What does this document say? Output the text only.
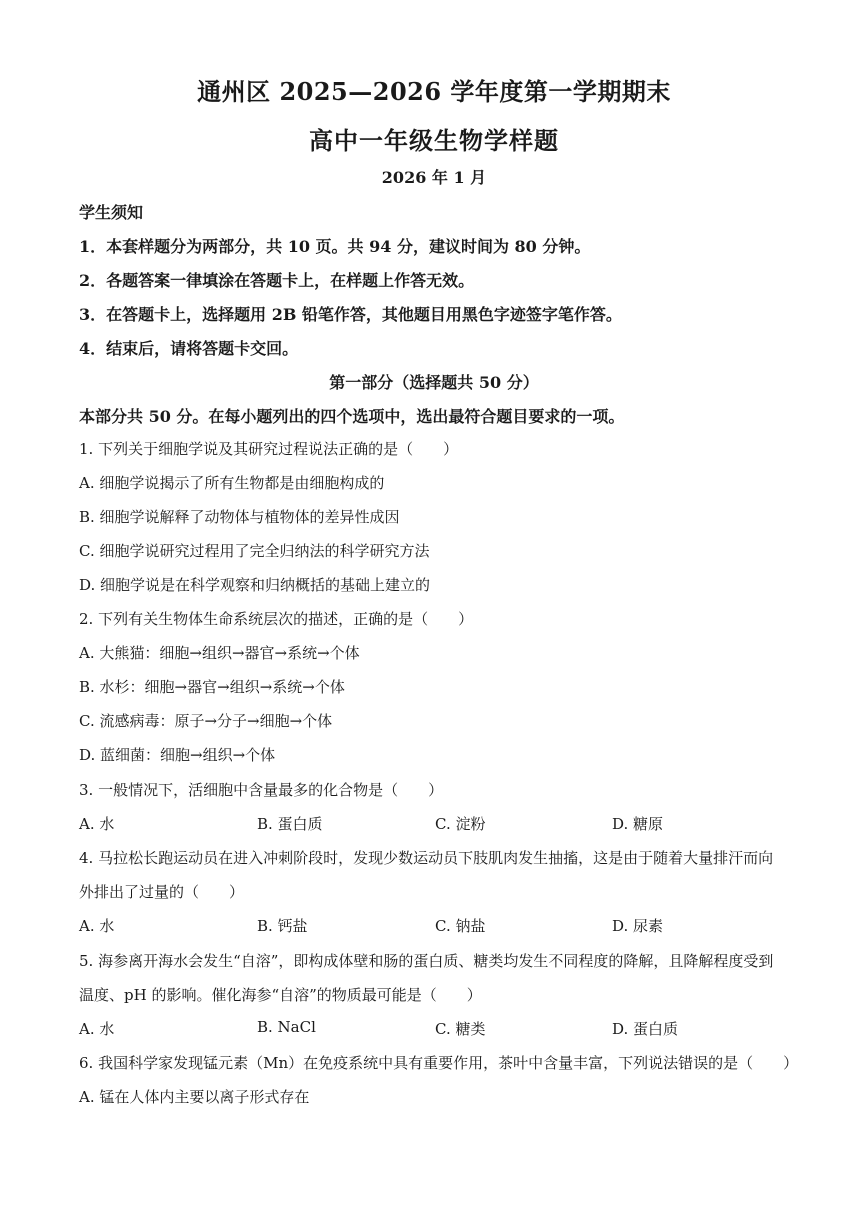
通州区 2025—2026 学年度第一学期期末
高中一年级生物学样题
2026 年 1 月
学生须知
1．本套样题分为两部分，共 10 页。共 94 分，建议时间为 80 分钟。
2．各题答案一律填涂在答题卡上，在样题上作答无效。
3．在答题卡上，选择题用 2B 铅笔作答，其他题目用黑色字迹签字笔作答。
4．结束后，请将答题卡交回。
第一部分（选择题共 50 分）
本部分共 50 分。在每小题列出的四个选项中，选出最符合题目要求的一项。
1. 下列关于细胞学说及其研究过程说法正确的是（　　）
A. 细胞学说揭示了所有生物都是由细胞构成的
B. 细胞学说解释了动物体与植物体的差异性成因
C. 细胞学说研究过程用了完全归纳法的科学研究方法
D. 细胞学说是在科学观察和归纳概括的基础上建立的
2. 下列有关生物体生命系统层次的描述，正确的是（　　）
A. 大熊猫：细胞→组织→器官→系统→个体
B. 水杉：细胞→器官→组织→系统→个体
C. 流感病毒：原子→分子→细胞→个体
D. 蓝细菌：细胞→组织→个体
3. 一般情况下，活细胞中含量最多的化合物是（　　）
A. 水	B. 蛋白质	C. 淀粉	D. 糖原
4. 马拉松长跑运动员在进入冲刺阶段时，发现少数运动员下肢肌肉发生抽搐，这是由于随着大量排汗而向
外排出了过量的（　　）
A. 水	B. 钙盐	C. 钠盐	D. 尿素
5. 海参离开海水会发生“自溶”，即构成体壁和肠的蛋白质、糖类均发生不同程度的降解，且降解程度受到
温度、pH 的影响。催化海参“自溶”的物质最可能是（　　）
A. 水	B. NaCl	C. 糖类	D. 蛋白质
6. 我国科学家发现锰元素（Mn）在免疫系统中具有重要作用，茶叶中含量丰富，下列说法错误的是（　　）
A. 锰在人体内主要以离子形式存在
